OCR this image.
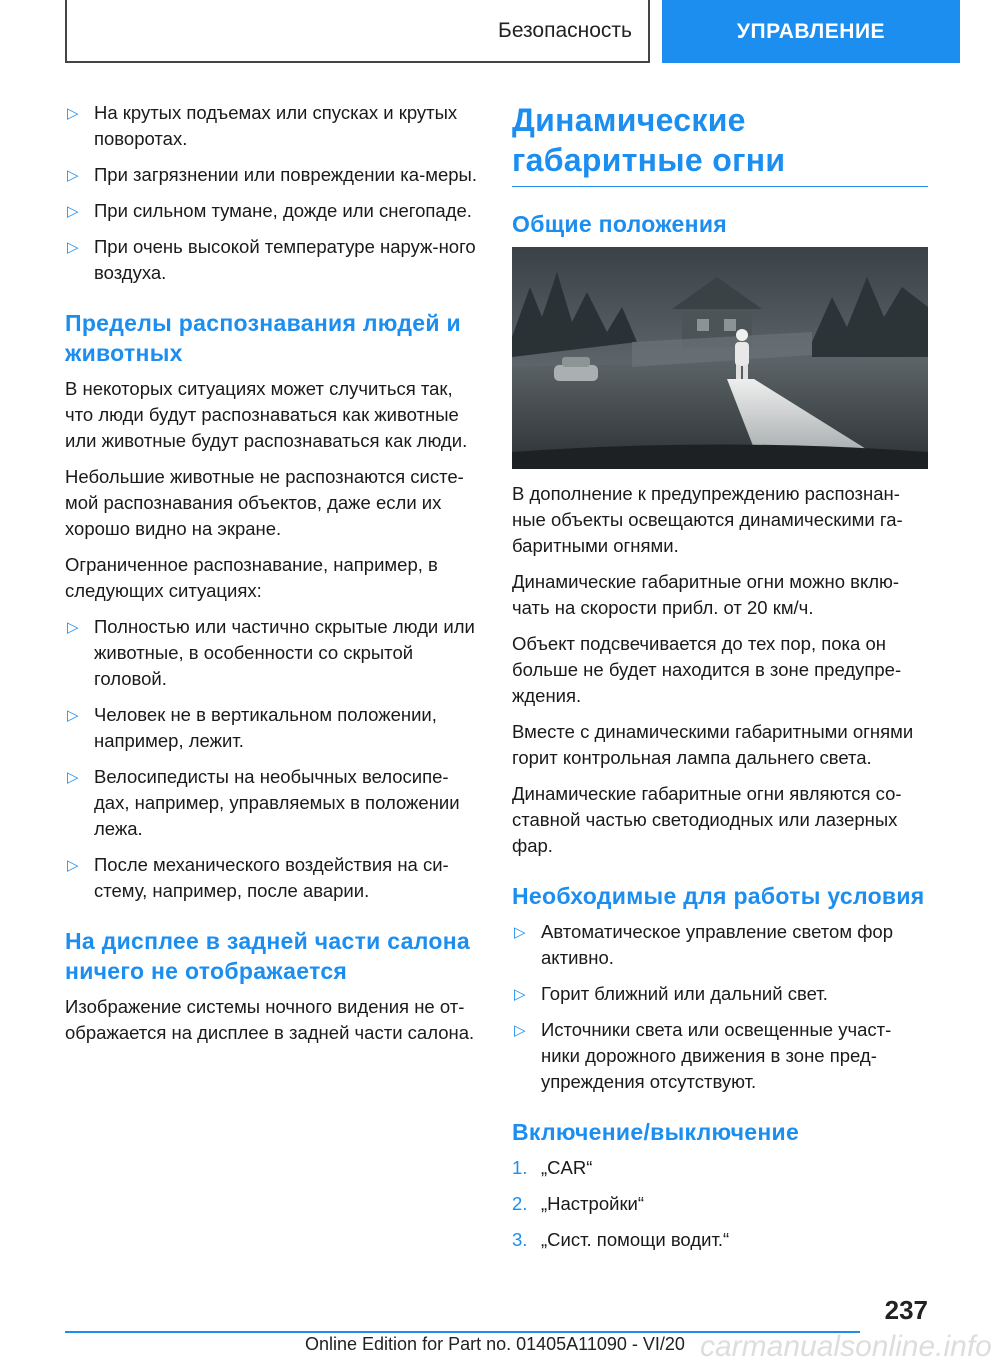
Безопасность	УПРАВЛЕНИЕ
▷ На крутых подъемах или спусках и крутых поворотах.
▷ При загрязнении или повреждении ка-меры.
▷ При сильном тумане, дожде или снегопаде.
▷ При очень высокой температуре наруж-ного воздуха.
Пределы распознавания людей и животных
В некоторых ситуациях может случиться так, что люди будут распознаваться как животные или животные будут распознаваться как люди.
Небольшие животные не распознаются систе-мой распознавания объектов, даже если их хорошо видно на экране.
Ограниченное распознавание, например, в следующих ситуациях:
▷ Полностью или частично скрытые люди или животные, в особенности со скрытой головой.
▷ Человек не в вертикальном положении, например, лежит.
▷ Велосипедисты на необычных велосипе-дах, например, управляемых в положении лежа.
▷ После механического воздействия на си-стему, например, после аварии.
На дисплее в задней части салона ничего не отображается
Изображение системы ночного видения не от-ображается на дисплее в задней части салона.
Динамические габаритные огни
Общие положения
В дополнение к предупреждению распознан-ные объекты освещаются динамическими га-баритными огнями.
Динамические габаритные огни можно вклю-чать на скорости прибл. от 20 км/ч.
Объект подсвечивается до тех пор, пока он больше не будет находится в зоне предупре-ждения.
Вместе с динамическими габаритными огнями горит контрольная лампа дальнего света.
Динамические габаритные огни являются со-ставной частью светодиодных или лазерных фар.
Необходимые для работы условия
▷ Автоматическое управление светом фор активно.
▷ Горит ближний или дальний свет.
▷ Источники света или освещенные участ-ники дорожного движения в зоне пред-упреждения отсутствуют.
Включение/выключение
1. „CAR“
2. „Настройки“
3. „Сист. помощи водит.“
237
carmanualsonline.info
Online Edition for Part no. 01405A11090 - VI/20
